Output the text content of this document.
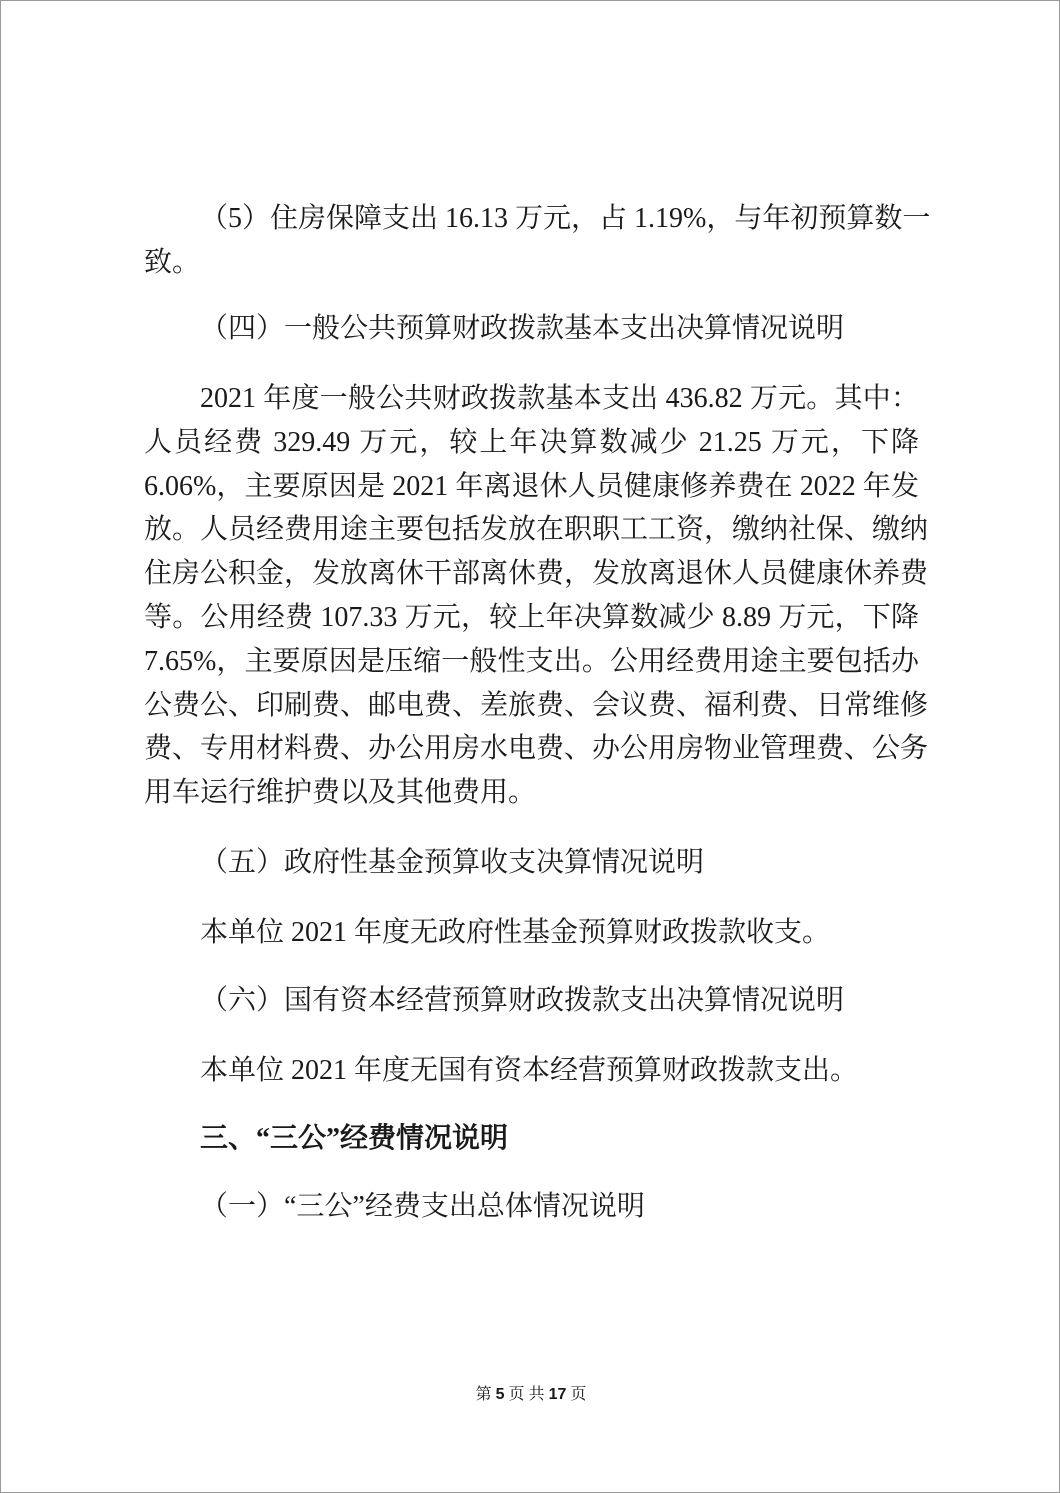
（5）住房保障支出 16.13 万元，占 1.19%，与年初预算数一
致。
（四）一般公共预算财政拨款基本支出决算情况说明
2021 年度一般公共财政拨款基本支出 436.82 万元。其中：
人员经费 329.49 万元，较上年决算数减少 21.25 万元，下降
6.06%，主要原因是 2021 年离退休人员健康修养费在 2022 年发
放。人员经费用途主要包括发放在职职工工资，缴纳社保、缴纳
住房公积金，发放离休干部离休费，发放离退休人员健康休养费
等。公用经费 107.33 万元，较上年决算数减少 8.89 万元，下降
7.65%，主要原因是压缩一般性支出。公用经费用途主要包括办
公费公、印刷费、邮电费、差旅费、会议费、福利费、日常维修
费、专用材料费、办公用房水电费、办公用房物业管理费、公务
用车运行维护费以及其他费用。
（五）政府性基金预算收支决算情况说明
本单位 2021 年度无政府性基金预算财政拨款收支。
（六）国有资本经营预算财政拨款支出决算情况说明
本单位 2021 年度无国有资本经营预算财政拨款支出。
三、“三公”经费情况说明
（一）“三公”经费支出总体情况说明
第 5 页 共 17 页
